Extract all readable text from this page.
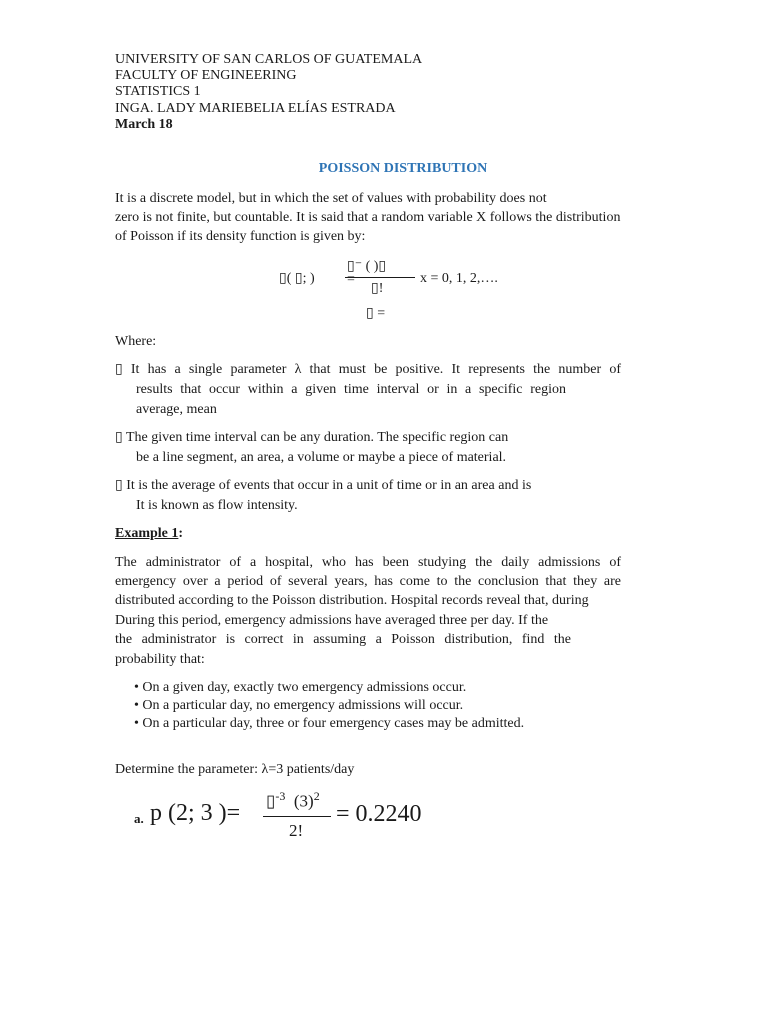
UNIVERSITY OF SAN CARLOS OF GUATEMALA
FACULTY OF ENGINEERING
STATISTICS 1
INGA. LADY MARIEBELIA ELÍAS ESTRADA
March 18
POISSON DISTRIBUTION
It is a discrete model, but in which the set of values with probability does not
zero is not finite, but countable. It is said that a random variable X follows the distribution
of Poisson if its density function is given by:
▯( ▯; ) =
▯⁻ ( )▯
▯!
x = 0, 1, 2,….
▯ =
Where:
▯ It has a single parameter λ that must be positive. It represents the number of
results that occur within a given time interval or in a specific region
average, mean
▯ The given time interval can be any duration. The specific region can
be a line segment, an area, a volume or maybe a piece of material.
▯ It is the average of events that occur in a unit of time or in an area and is
It is known as flow intensity.
Example 1:
The administrator of a hospital, who has been studying the daily admissions of
emergency over a period of several years, has come to the conclusion that they are
distributed according to the Poisson distribution. Hospital records reveal that, during
During this period, emergency admissions have averaged three per day. If the
the administrator is correct in assuming a Poisson distribution, find the
probability that:
• On a given day, exactly two emergency admissions occur.
• On a particular day, no emergency admissions will occur.
• On a particular day, three or four emergency cases may be admitted.
Determine the parameter: λ=3 patients/day
a. p (2; 3 )= ▯$^{-3}$ $(3)^2$
2!
= 0.2240
